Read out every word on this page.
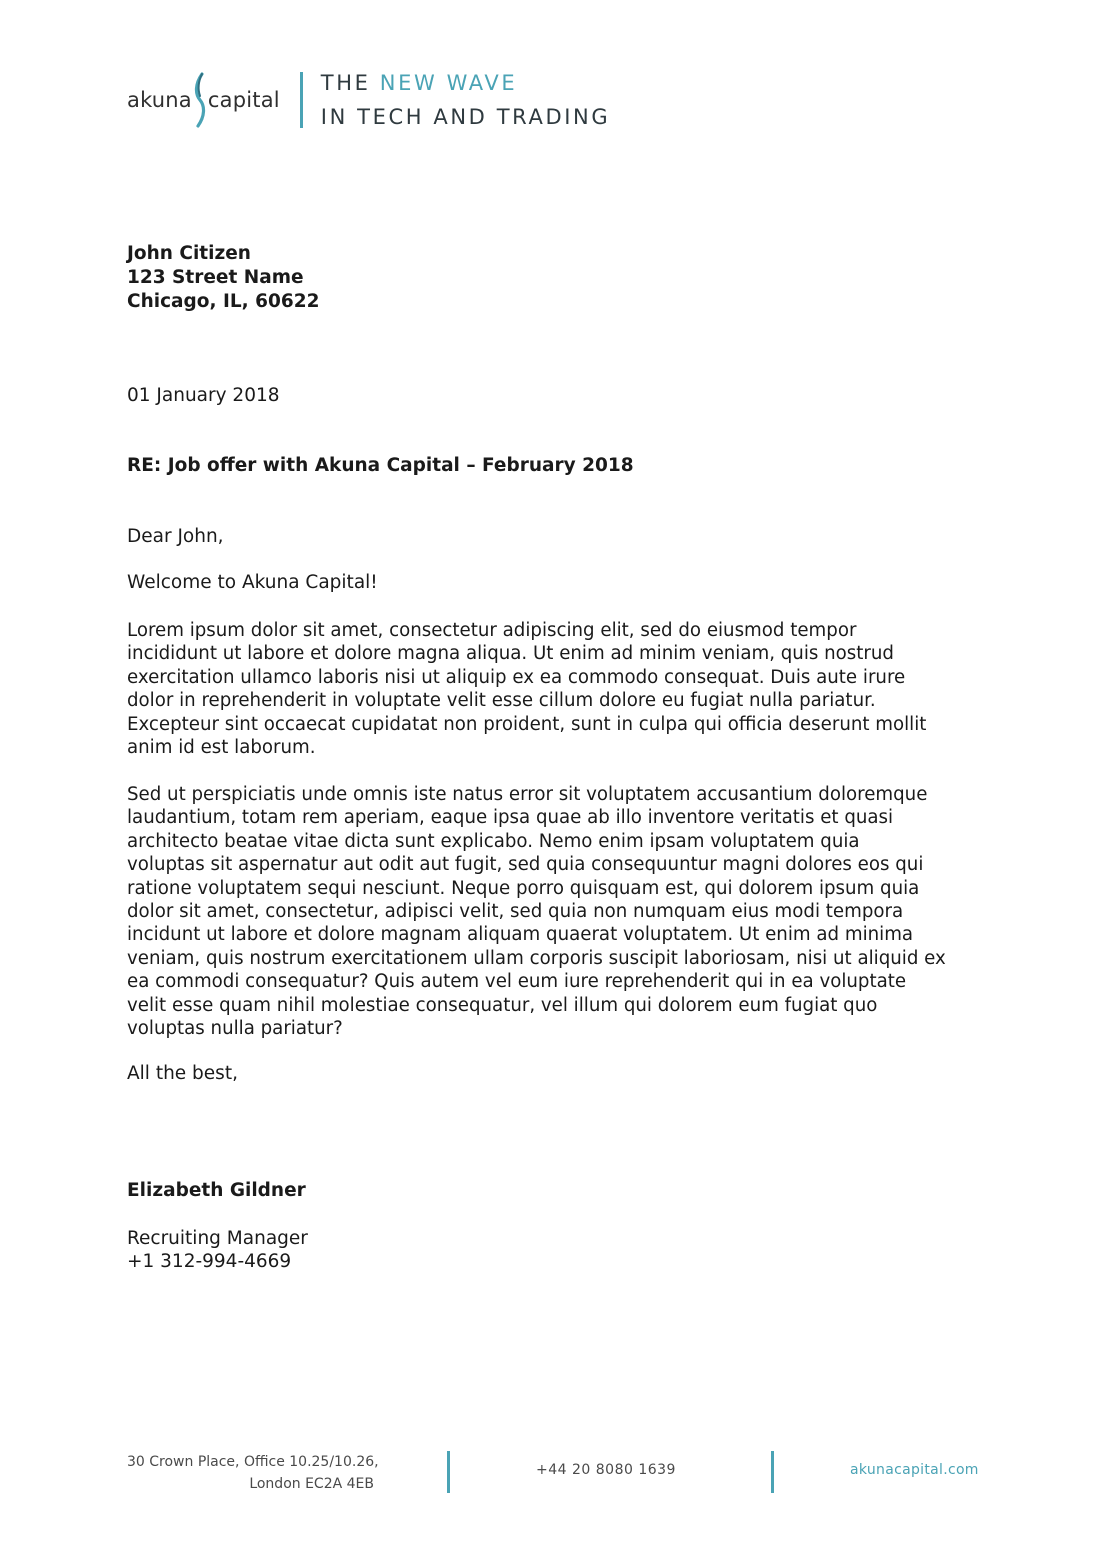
akuna capital
THE NEW WAVE
IN TECH AND TRADING
John Citizen
123 Street Name
Chicago, IL, 60622
01 January 2018
RE: Job offer with Akuna Capital – February 2018
Dear John,
Welcome to Akuna Capital!
Lorem ipsum dolor sit amet, consectetur adipiscing elit, sed do eiusmod tempor
incididunt ut labore et dolore magna aliqua. Ut enim ad minim veniam, quis nostrud
exercitation ullamco laboris nisi ut aliquip ex ea commodo consequat. Duis aute irure
dolor in reprehenderit in voluptate velit esse cillum dolore eu fugiat nulla pariatur.
Excepteur sint occaecat cupidatat non proident, sunt in culpa qui officia deserunt mollit
anim id est laborum.
Sed ut perspiciatis unde omnis iste natus error sit voluptatem accusantium doloremque
laudantium, totam rem aperiam, eaque ipsa quae ab illo inventore veritatis et quasi
architecto beatae vitae dicta sunt explicabo. Nemo enim ipsam voluptatem quia
voluptas sit aspernatur aut odit aut fugit, sed quia consequuntur magni dolores eos qui
ratione voluptatem sequi nesciunt. Neque porro quisquam est, qui dolorem ipsum quia
dolor sit amet, consectetur, adipisci velit, sed quia non numquam eius modi tempora
incidunt ut labore et dolore magnam aliquam quaerat voluptatem. Ut enim ad minima
veniam, quis nostrum exercitationem ullam corporis suscipit laboriosam, nisi ut aliquid ex
ea commodi consequatur? Quis autem vel eum iure reprehenderit qui in ea voluptate
velit esse quam nihil molestiae consequatur, vel illum qui dolorem eum fugiat quo
voluptas nulla pariatur?
All the best,
Elizabeth Gildner
Recruiting Manager
+1 312-994-4669
30 Crown Place, Office 10.25/10.26,
London EC2A 4EB
+44 20 8080 1639	akunacapital.com
